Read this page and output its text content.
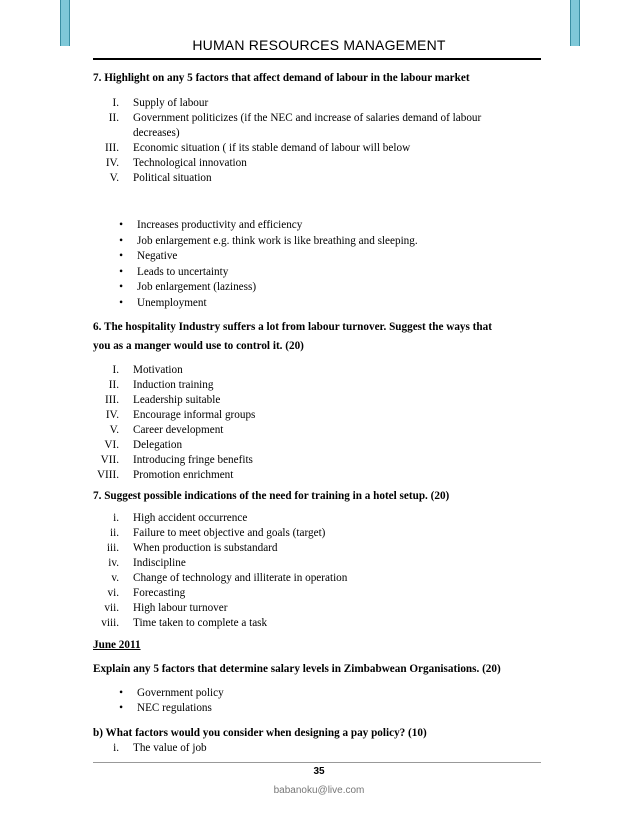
HUMAN RESOURCES MANAGEMENT

7. Highlight on any 5 factors that affect demand of labour in the labour market

I. Supply of labour
II. Government politicizes (if the NEC and increase of salaries demand of labour
decreases)
III. Economic situation ( if its stable demand of labour will below
IV. Technological innovation
V. Political situation
• Increases productivity and efficiency
• Job enlargement e.g. think work is like breathing and sleeping.
• Negative
• Leads to uncertainty
• Job enlargement (laziness)
• Unemployment

6. The hospitality Industry suffers a lot from labour turnover. Suggest the ways that

you as a manger would use to control it. (20)

I. Motivation
II. Induction training
III. Leadership suitable
IV. Encourage informal groups
V. Career development
VI. Delegation
VII. Introducing fringe benefits
VIII. Promotion enrichment

7. Suggest possible indications of the need for training in a hotel setup. (20)

i. High accident occurrence
ii. Failure to meet objective and goals (target)
iii. When production is substandard
iv. Indiscipline
v. Change of technology and illiterate in operation
vi. Forecasting
vii. High labour turnover
viii. Time taken to complete a task

June 2011

Explain any 5 factors that determine salary levels in Zimbabwean Organisations. (20)

• Government policy
• NEC regulations

b) What factors would you consider when designing a pay policy? (10)

i. The value of job
35
babanoku@live.com
